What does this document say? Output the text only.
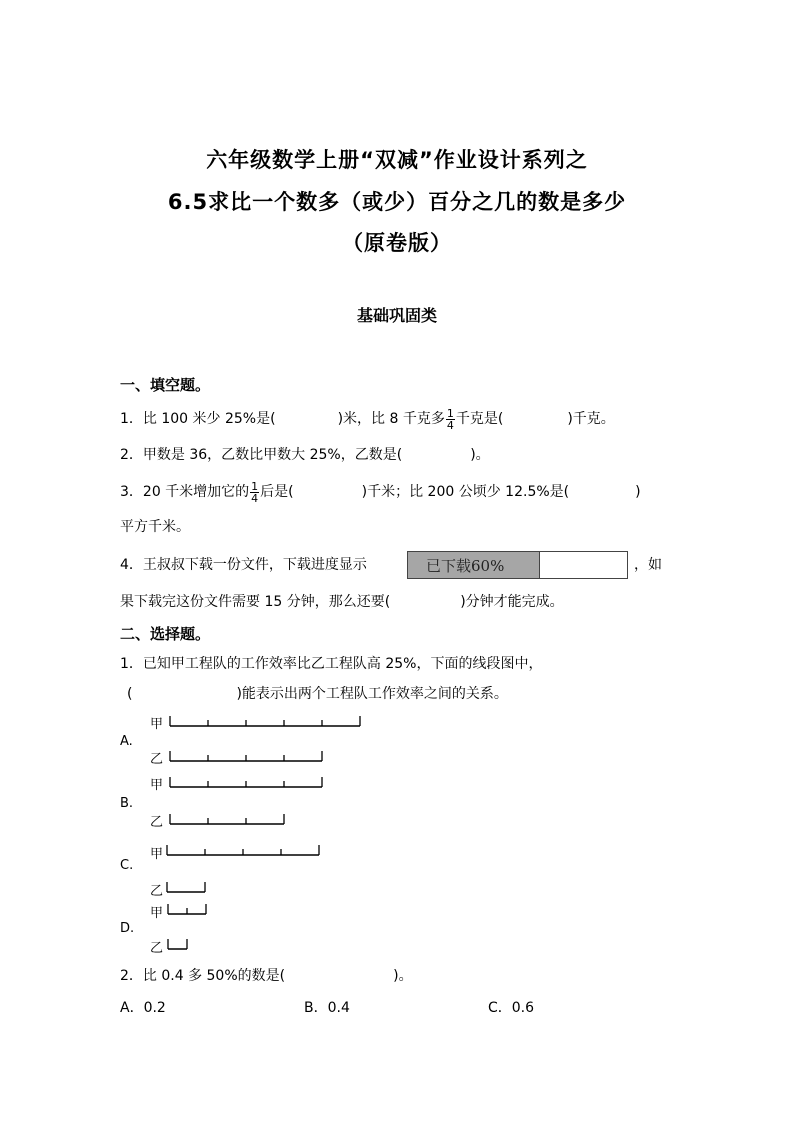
六年级数学上册“双减”作业设计系列之
6.5求比一个数多（或少）百分之几的数是多少
（原卷版）
基础巩固类
一、填空题。
1．比 100 米少 25%是(	)米，比 8 千克多 $\frac{1}{4}$ 千克是(	)千克。
2．甲数是 36，乙数比甲数大 25%，乙数是(	)。
3．20 千米增加它的 $\frac{1}{4}$ 后是(	)千米；比 200 公顷少 12.5%是(	)
平方千米。
4．王叔叔下载一份文件，下载进度显示	已下载60%	，如
果下载完这份文件需要 15 分钟，那么还要(	)分钟才能完成。
二、选择题。
1．已知甲工程队的工作效率比乙工程队高 25%，下面的线段图中，
(	)能表示出两个工程队工作效率之间的关系。
A.
甲
乙
B.
甲
乙
C.
甲
乙
D.
甲
乙
2．比 0.4 多 50%的数是(	)。
A．0.2	B．0.4	C．0.6
